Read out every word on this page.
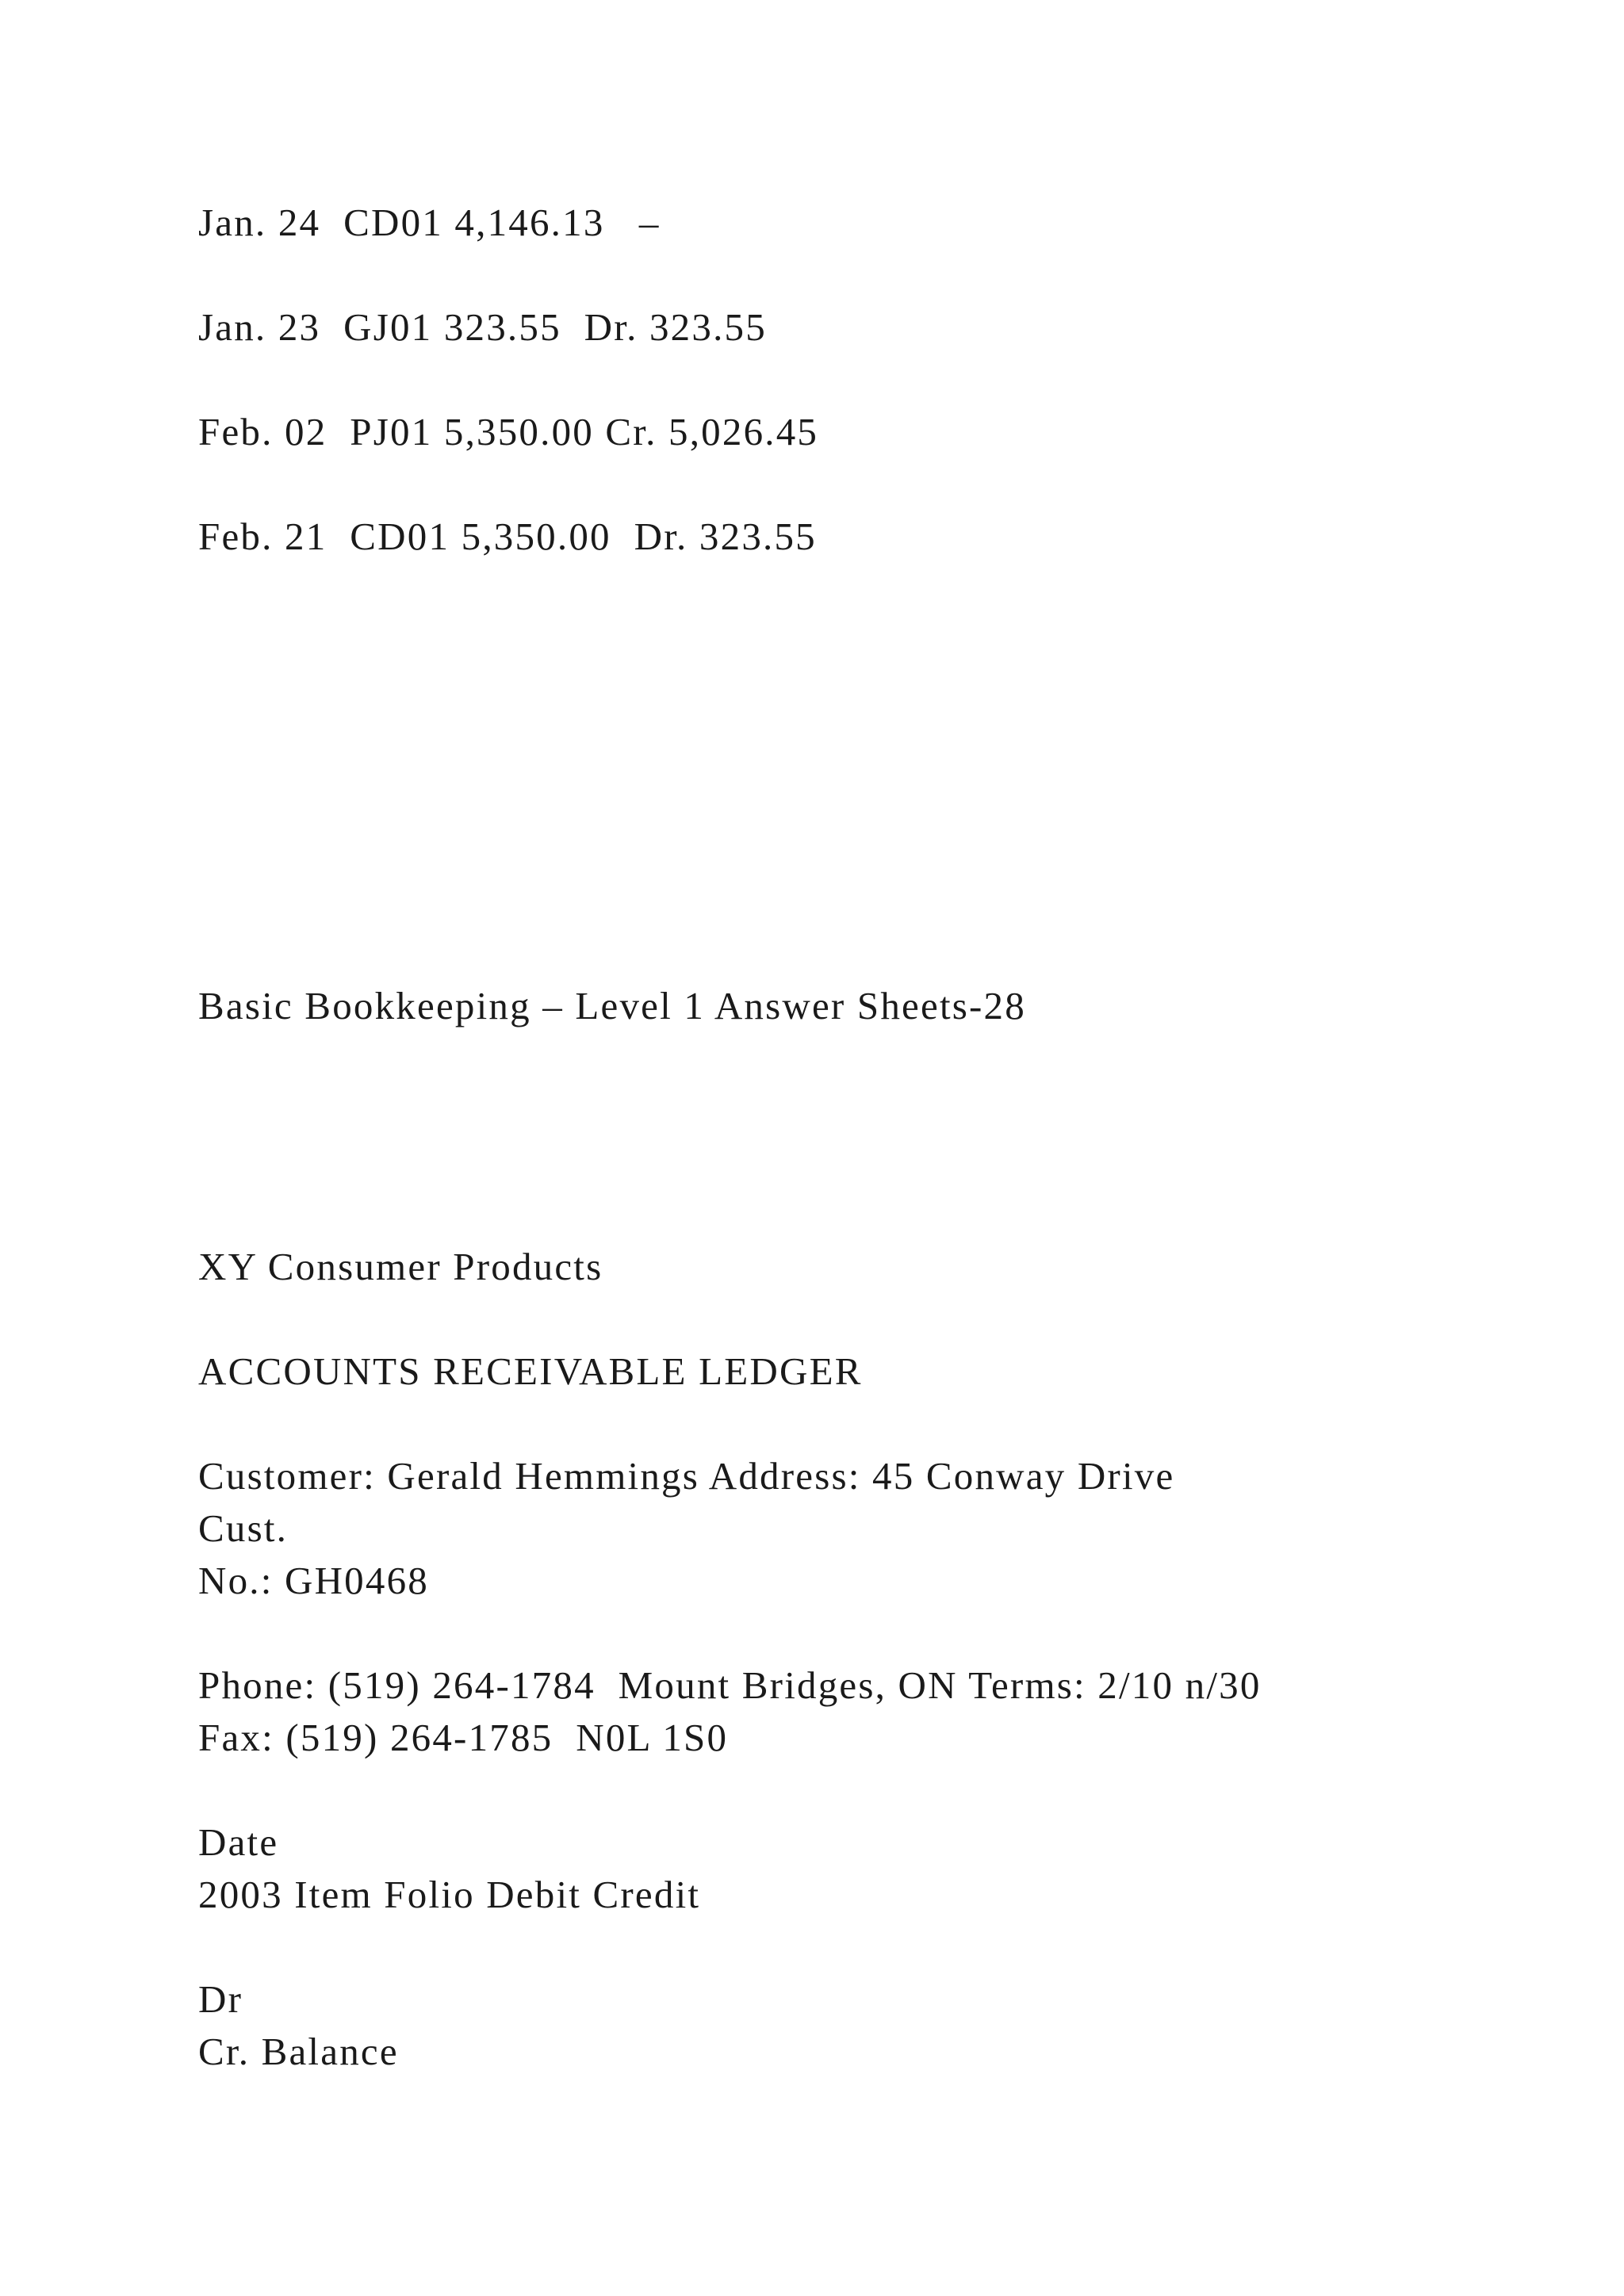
Jan. 24  CD01 4,146.13   –

Jan. 23  GJ01 323.55  Dr. 323.55

Feb. 02  PJ01 5,350.00 Cr. 5,026.45

Feb. 21  CD01 5,350.00  Dr. 323.55

Basic Bookkeeping – Level 1 Answer Sheets-28

XY Consumer Products

ACCOUNTS RECEIVABLE LEDGER

Customer: Gerald Hemmings Address: 45 Conway Drive

Cust.

No.: GH0468

Phone: (519) 264-1784  Mount Bridges, ON Terms: 2/10 n/30

Fax: (519) 264-1785  N0L 1S0

Date

2003 Item Folio Debit Credit

Dr

Cr. Balance
